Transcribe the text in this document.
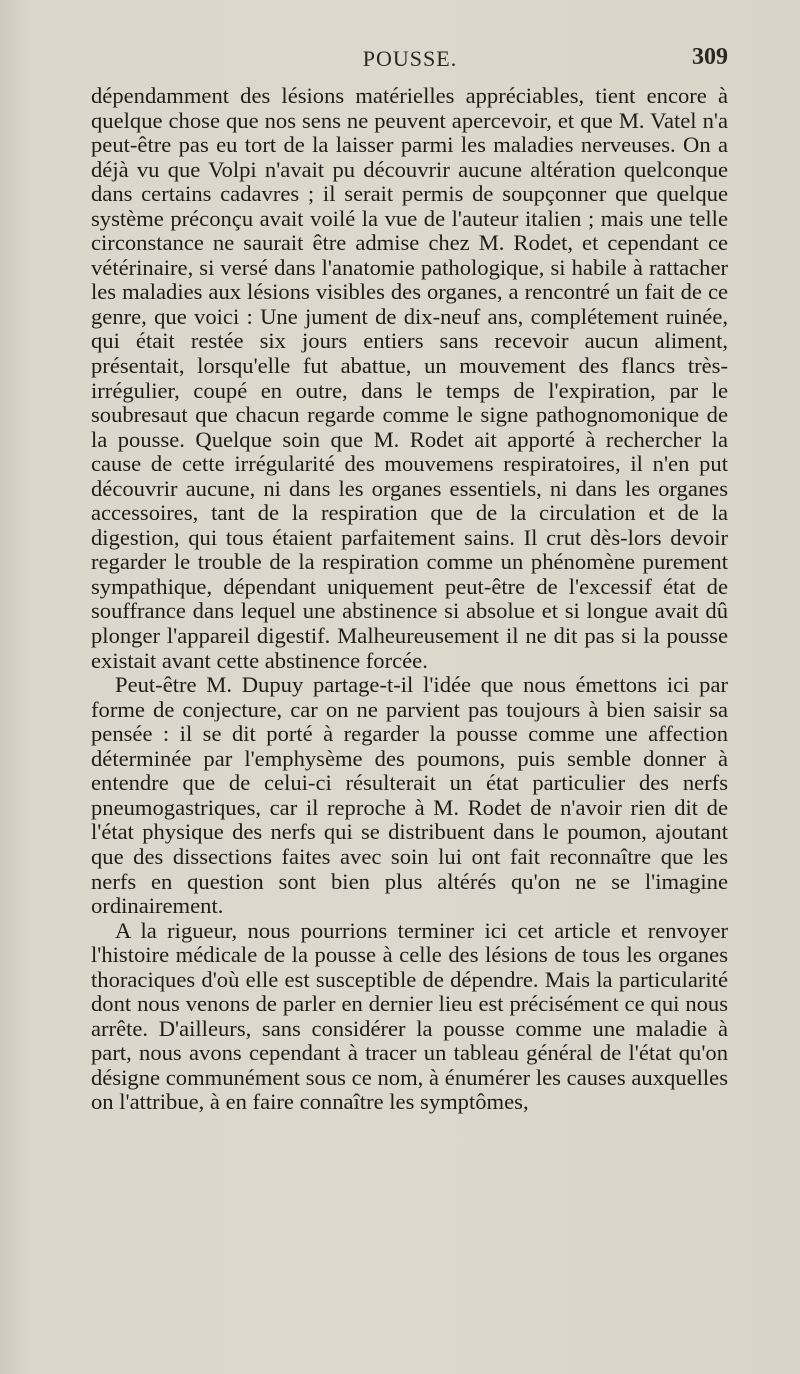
POUSSE.	309

dépendamment des lésions matérielles appréciables, tient encore à quelque chose que nos sens ne peuvent apercevoir, et que M. Vatel n'a peut-être pas eu tort de la laisser parmi les maladies nerveuses. On a déjà vu que Volpi n'avait pu découvrir aucune altération quelconque dans certains cadavres ; il serait permis de soupçonner que quelque système préconçu avait voilé la vue de l'auteur italien ; mais une telle circonstance ne saurait être admise chez M. Rodet, et cependant ce vétérinaire, si versé dans l'anatomie pathologique, si habile à rattacher les maladies aux lésions visibles des organes, a rencontré un fait de ce genre, que voici : Une jument de dix-neuf ans, complétement ruinée, qui était restée six jours entiers sans recevoir aucun aliment, présentait, lorsqu'elle fut abattue, un mouvement des flancs très-irrégulier, coupé en outre, dans le temps de l'expiration, par le soubresaut que chacun regarde comme le signe pathognomonique de la pousse. Quelque soin que M. Rodet ait apporté à rechercher la cause de cette irrégularité des mouvemens respiratoires, il n'en put découvrir aucune, ni dans les organes essentiels, ni dans les organes accessoires, tant de la respiration que de la circulation et de la digestion, qui tous étaient parfaitement sains. Il crut dès-lors devoir regarder le trouble de la respiration comme un phénomène purement sympathique, dépendant uniquement peut-être de l'excessif état de souffrance dans lequel une abstinence si absolue et si longue avait dû plonger l'appareil digestif. Malheureusement il ne dit pas si la pousse existait avant cette abstinence forcée.

Peut-être M. Dupuy partage-t-il l'idée que nous émettons ici par forme de conjecture, car on ne parvient pas toujours à bien saisir sa pensée : il se dit porté à regarder la pousse comme une affection déterminée par l'emphysème des poumons, puis semble donner à entendre que de celui-ci résulterait un état particulier des nerfs pneumogastriques, car il reproche à M. Rodet de n'avoir rien dit de l'état physique des nerfs qui se distribuent dans le poumon, ajoutant que des dissections faites avec soin lui ont fait reconnaître que les nerfs en question sont bien plus altérés qu'on ne se l'imagine ordinairement.

A la rigueur, nous pourrions terminer ici cet article et renvoyer l'histoire médicale de la pousse à celle des lésions de tous les organes thoraciques d'où elle est susceptible de dépendre. Mais la particularité dont nous venons de parler en dernier lieu est précisément ce qui nous arrête. D'ailleurs, sans considérer la pousse comme une maladie à part, nous avons cependant à tracer un tableau général de l'état qu'on désigne communément sous ce nom, à énumérer les causes auxquelles on l'attribue, à en faire connaître les symptômes,
